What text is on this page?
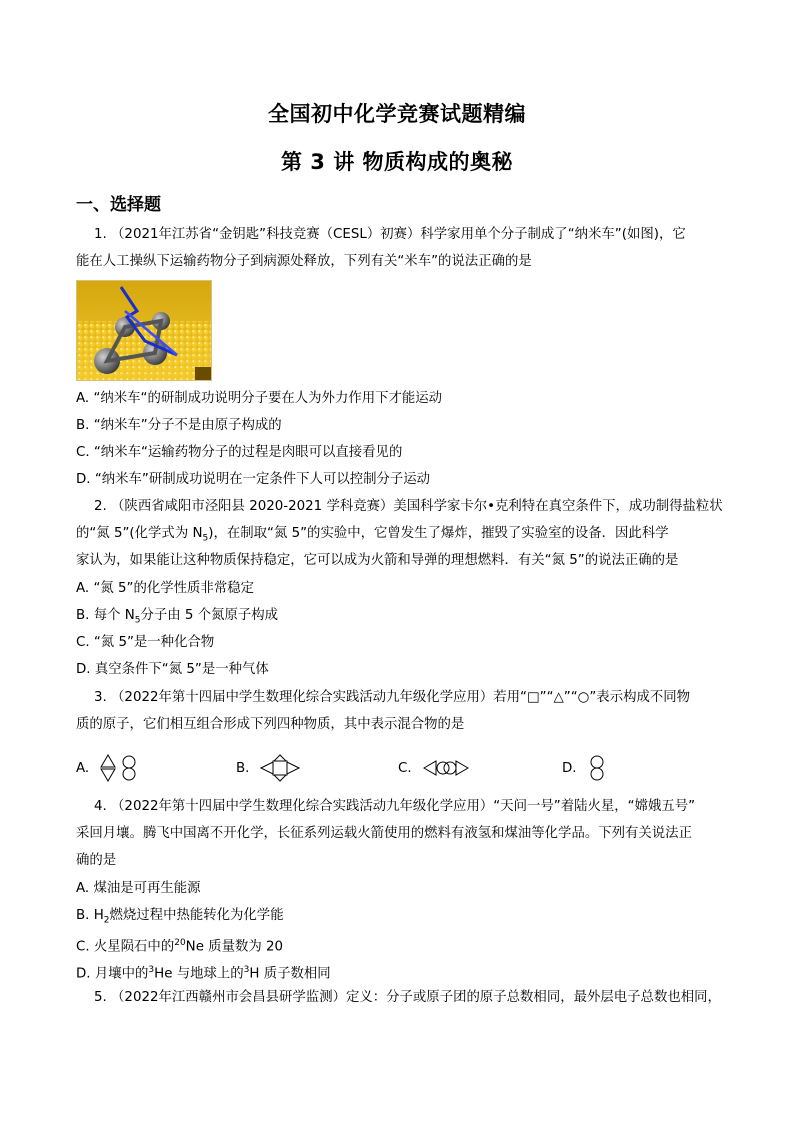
全国初中化学竞赛试题精编
第 3 讲 物质构成的奥秘
一、选择题
1. （2021年江苏省“金钥匙”科技竞赛（CESL）初赛）科学家用单个分子制成了“纳米车”(如图)，它
能在人工操纵下运输药物分子到病源处释放，下列有关“米车”的说法正确的是
A. “纳米车“的研制成功说明分子要在人为外力作用下才能运动
B. “纳米车”分子不是由原子构成的
C. “纳米车“运输药物分子的过程是肉眼可以直接看见的
D. “纳米车”研制成功说明在一定条件下人可以控制分子运动
2. （陕西省咸阳市泾阳县 2020-2021 学科竞赛）美国科学家卡尔•克利特在真空条件下，成功制得盐粒状
的“氮 5”(化学式为 $N_5$)，在制取“氮 5”的实验中，它曾发生了爆炸，摧毁了实验室的设备．因此科学
家认为，如果能让这种物质保持稳定，它可以成为火箭和导弹的理想燃料．有关“氮 5”的说法正确的是
A. “氮 5”的化学性质非常稳定
B. 每个 $N_5$分子由 5 个氮原子构成
C. “氮 5”是一种化合物
D. 真空条件下“氮 5”是一种气体
3. （2022年第十四届中学生数理化综合实践活动九年级化学应用）若用“□”“△”“○”表示构成不同物
质的原子，它们相互组合形成下列四种物质，其中表示混合物的是
A.	B.	C.	D.
4. （2022年第十四届中学生数理化综合实践活动九年级化学应用）“天问一号”着陆火星，“嫦娥五号”
采回月壤。腾飞中国离不开化学，长征系列运载火箭使用的燃料有液氢和煤油等化学品。下列有关说法正
确的是
A. 煤油是可再生能源
B. $H_2$燃烧过程中热能转化为化学能
C. 火星陨石中的$^{20}$Ne 质量数为 20
D. 月壤中的$^3$He 与地球上的$^3$H 质子数相同
5. （2022年江西赣州市会昌县研学监测）定义：分子或原子团的原子总数相同，最外层电子总数也相同，
